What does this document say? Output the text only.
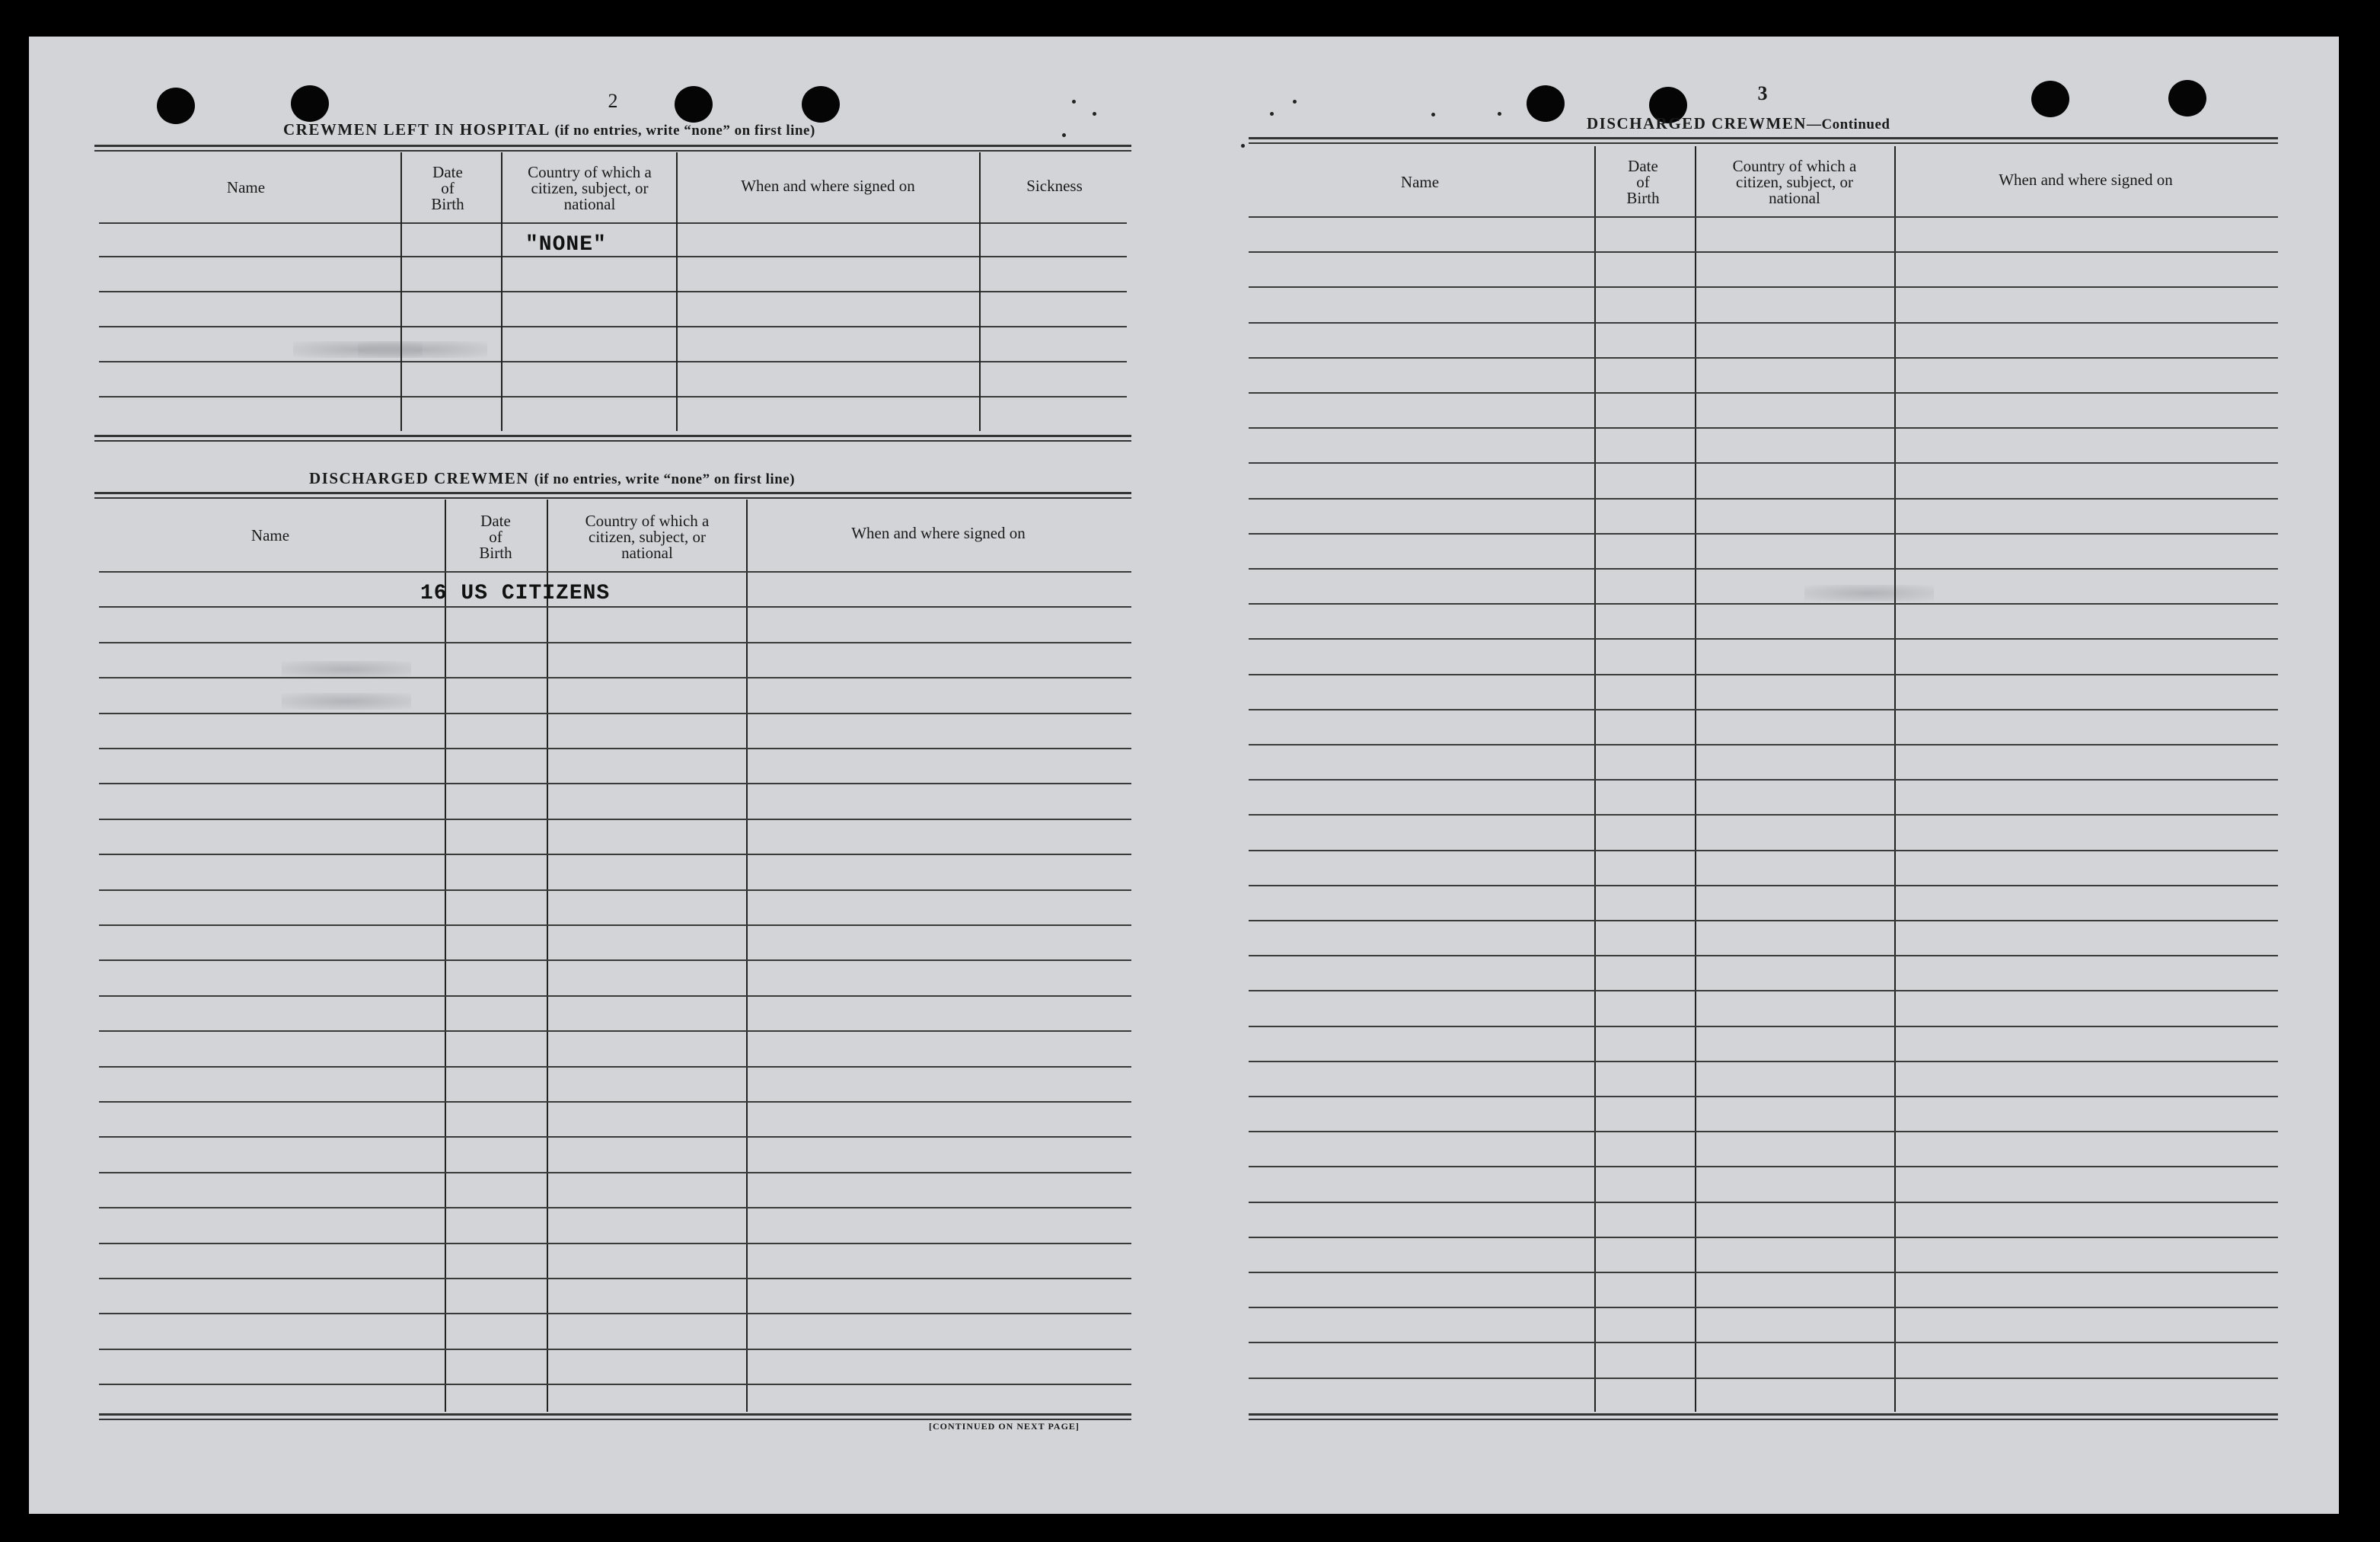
2
CREWMEN LEFT IN HOSPITAL (if no entries, write “none” on first line)
Name
Date
of
Birth
Country of which a
citizen, subject, or
national
When and where signed on	Sickness
"NONE"
DISCHARGED CREWMEN (if no entries, write “none” on first line)
Name
Date
of
Birth
Country of which a
citizen, subject, or
national
When and where signed on
16 US CITIZENS
[CONTINUED ON NEXT PAGE]
3
DISCHARGED CREWMEN—Continued
Name
Date
of
Birth
Country of which a
citizen, subject, or
national
When and where signed on
